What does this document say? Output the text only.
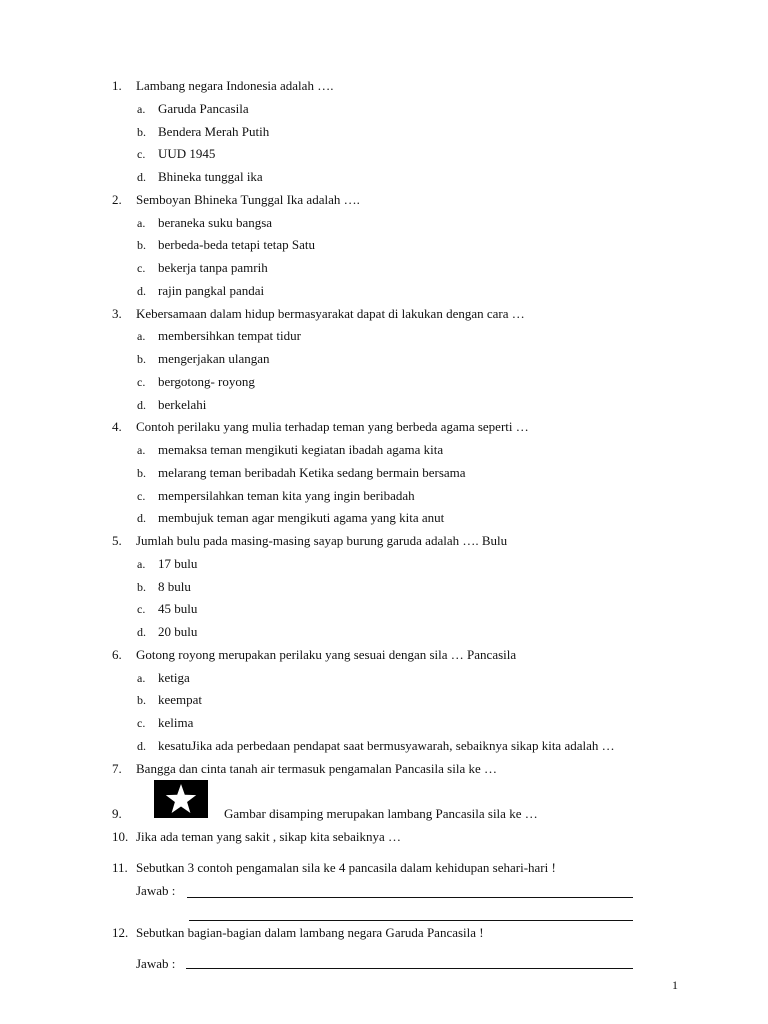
1. Lambang negara Indonesia adalah ….
a. Garuda Pancasila
b. Bendera Merah Putih
c. UUD 1945
d. Bhineka tunggal ika
2. Semboyan Bhineka Tunggal Ika adalah ….
a. beraneka suku bangsa
b. berbeda-beda tetapi tetap Satu
c. bekerja tanpa pamrih
d. rajin pangkal pandai
3. Kebersamaan dalam hidup bermasyarakat dapat di lakukan dengan cara …
a. membersihkan tempat tidur
b. mengerjakan ulangan
c. bergotong- royong
d. berkelahi
4. Contoh perilaku yang mulia terhadap teman yang berbeda agama seperti …
a. memaksa teman mengikuti kegiatan ibadah agama kita
b. melarang teman beribadah Ketika sedang bermain bersama
c. mempersilahkan teman kita yang ingin beribadah
d. membujuk teman agar mengikuti agama yang kita anut
5. Jumlah bulu pada masing-masing sayap burung garuda adalah …. Bulu
a. 17 bulu
b. 8 bulu
c. 45 bulu
d. 20 bulu
6. Gotong royong merupakan perilaku yang sesuai dengan sila … Pancasila
a. ketiga
b. keempat
c. kelima
d. kesatuJika ada perbedaan pendapat saat bermusyawarah, sebaiknya sikap kita adalah …
7. Bangga dan cinta tanah air termasuk pengamalan Pancasila sila ke …
9.	Gambar disamping merupakan lambang Pancasila sila ke …
10. Jika ada teman yang sakit , sikap kita sebaiknya …
11. Sebutkan 3 contoh pengamalan sila ke 4 pancasila dalam kehidupan sehari-hari !
Jawab :
12. Sebutkan bagian-bagian dalam lambang negara Garuda Pancasila !
Jawab :
1
